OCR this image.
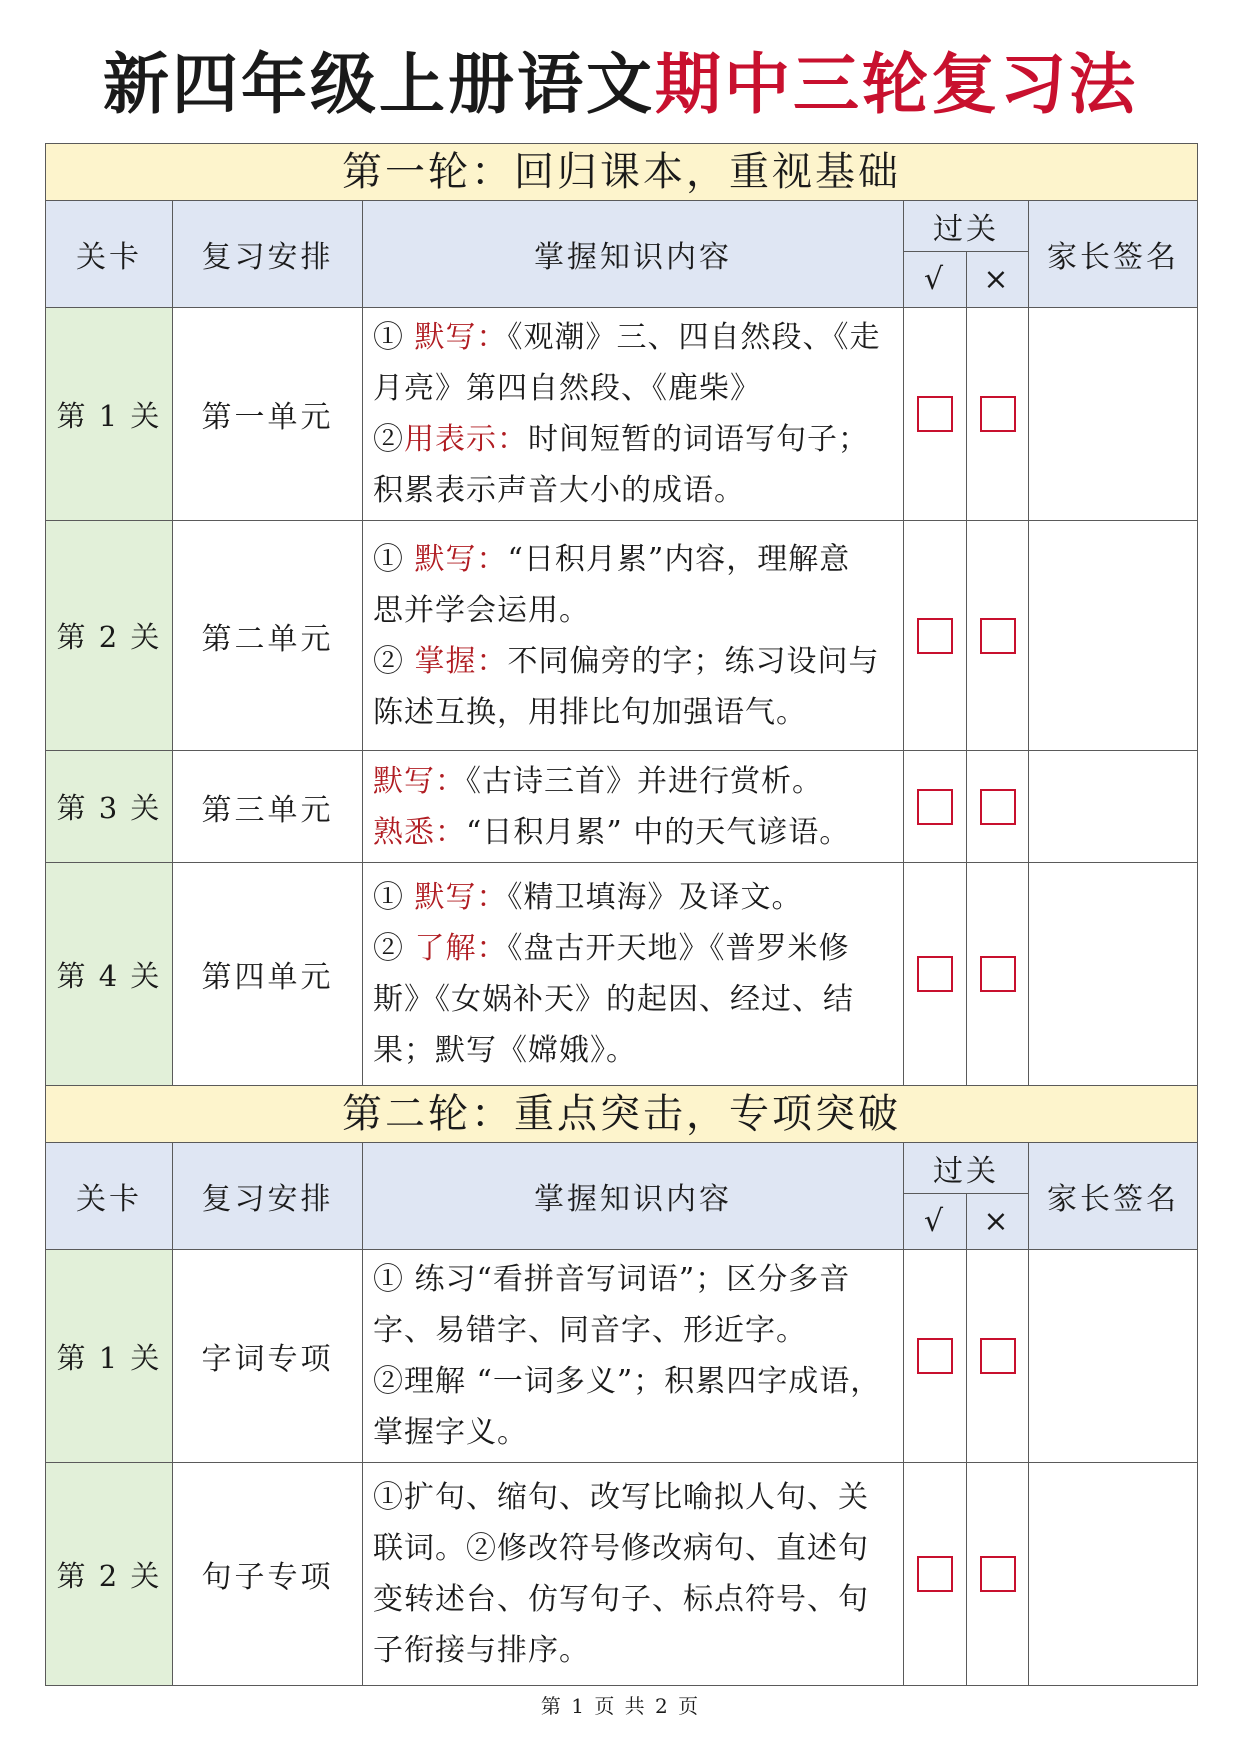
新四年级上册语文期中三轮复习法
第一轮：回归课本，重视基础					
关卡	复习安排	掌握知识内容	过关		家长签名
			√	×	
第 1 关	第一单元	① 默写：《观潮》三、四自然段、《走
月亮》第四自然段、《鹿柴》
②用表示：时间短暂的词语写句子；
积累表示声音大小的成语。			

第 2 关	第二单元	① 默写：“日积月累”内容，理解意
思并学会运用。
② 掌握：不同偏旁的字；练习设问与
陈述互换，用排比句加强语气。			

第 3 关	第三单元	默写：《古诗三首》并进行赏析。
熟悉：“日积月累” 中的天气谚语。			

第 4 关	第四单元	① 默写：《精卫填海》及译文。
② 了解：《盘古开天地》《普罗米修
斯》《女娲补天》的起因、经过、结
果；默写《嫦娥》。			

第二轮：重点突击，专项突破					
关卡	复习安排	掌握知识内容	过关		家长签名
			√	×	
第 1 关	字词专项	① 练习“看拼音写词语”；区分多音
字、易错字、同音字、形近字。
②理解 “一词多义”；积累四字成语，
掌握字义。			

第 2 关	句子专项	①扩句、缩句、改写比喻拟人句、关
联词。②修改符号修改病句、直述句
变转述台、仿写句子、标点符号、句
子衔接与排序。			

第 1 页 共 2 页
